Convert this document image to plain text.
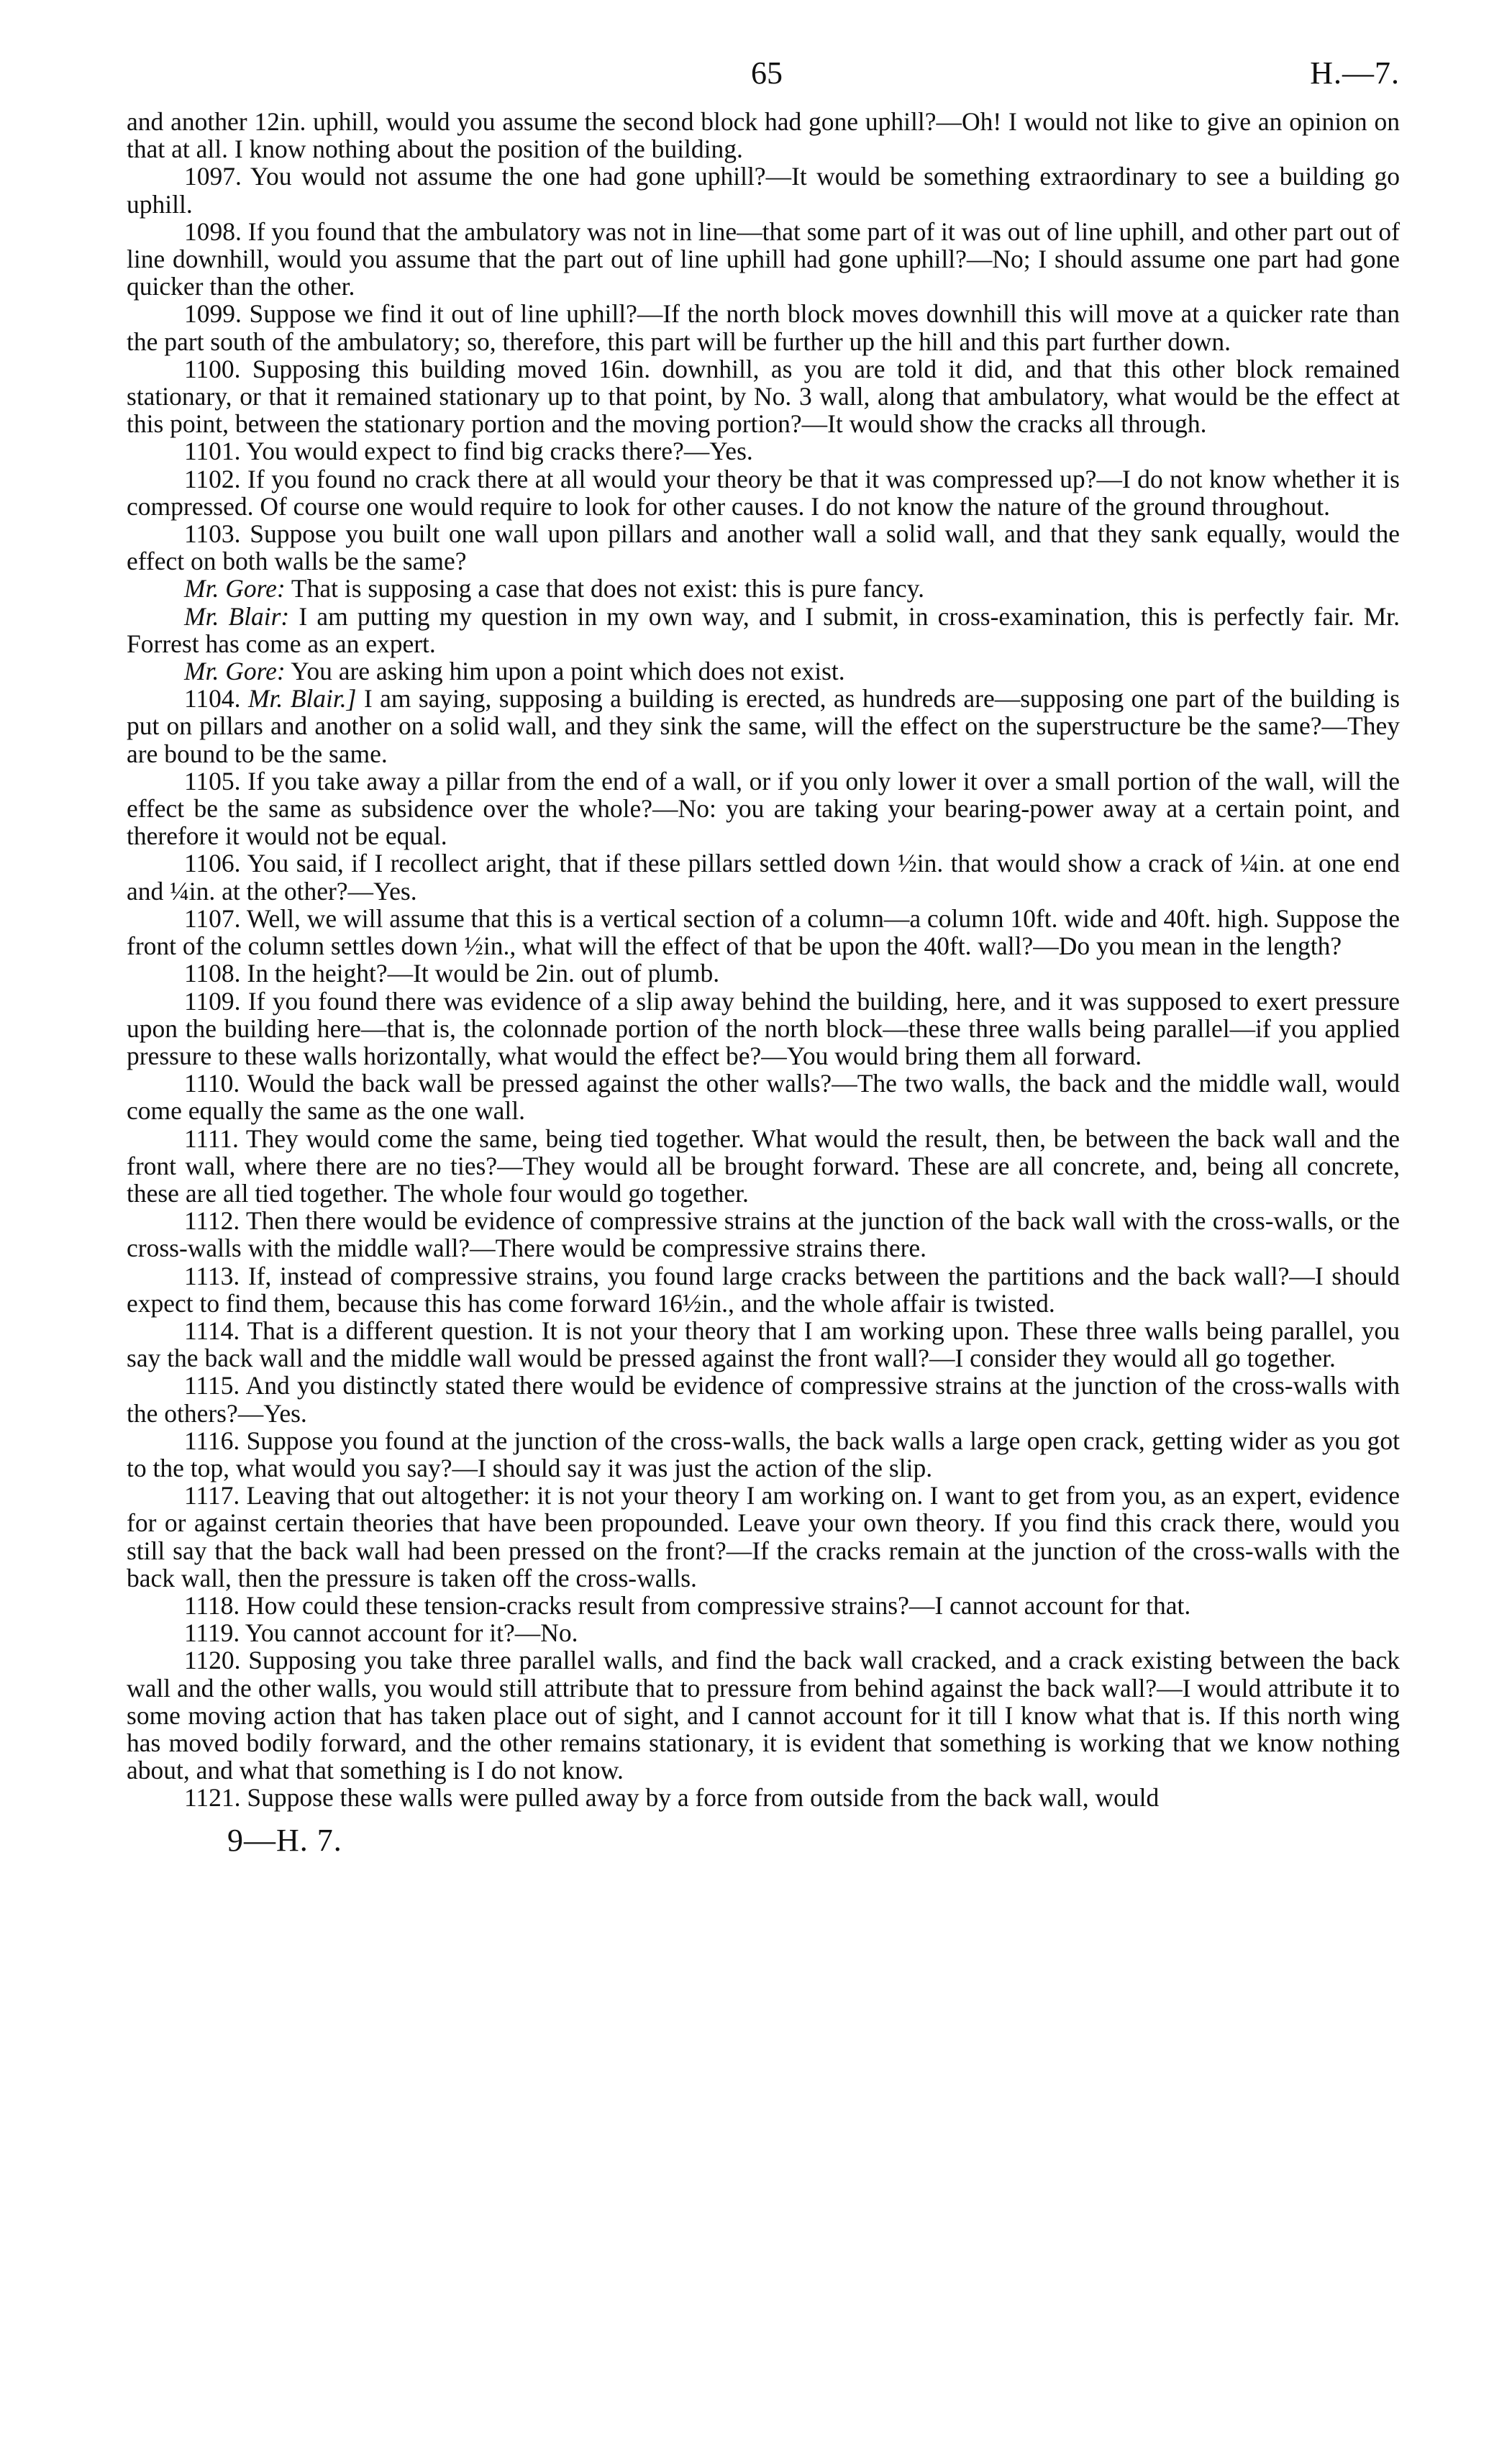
65	H.—7.

and another 12in. uphill, would you assume the second block had gone uphill?—Oh! I would not like to give an opinion on that at all. I know nothing about the position of the building.

1097. You would not assume the one had gone uphill?—It would be something extraordinary to see a building go uphill.

1098. If you found that the ambulatory was not in line—that some part of it was out of line uphill, and other part out of line downhill, would you assume that the part out of line uphill had gone uphill?—No; I should assume one part had gone quicker than the other.

1099. Suppose we find it out of line uphill?—If the north block moves downhill this will move at a quicker rate than the part south of the ambulatory; so, therefore, this part will be further up the hill and this part further down.

1100. Supposing this building moved 16in. downhill, as you are told it did, and that this other block remained stationary, or that it remained stationary up to that point, by No. 3 wall, along that ambulatory, what would be the effect at this point, between the stationary portion and the moving portion?—It would show the cracks all through.

1101. You would expect to find big cracks there?—Yes.

1102. If you found no crack there at all would your theory be that it was compressed up?—I do not know whether it is compressed. Of course one would require to look for other causes. I do not know the nature of the ground throughout.

1103. Suppose you built one wall upon pillars and another wall a solid wall, and that they sank equally, would the effect on both walls be the same?

Mr. Gore: That is supposing a case that does not exist: this is pure fancy.

Mr. Blair: I am putting my question in my own way, and I submit, in cross-examination, this is perfectly fair. Mr. Forrest has come as an expert.

Mr. Gore: You are asking him upon a point which does not exist.

1104. Mr. Blair.] I am saying, supposing a building is erected, as hundreds are—supposing one part of the building is put on pillars and another on a solid wall, and they sink the same, will the effect on the superstructure be the same?—They are bound to be the same.

1105. If you take away a pillar from the end of a wall, or if you only lower it over a small portion of the wall, will the effect be the same as subsidence over the whole?—No: you are taking your bearing-power away at a certain point, and therefore it would not be equal.

1106. You said, if I recollect aright, that if these pillars settled down ½in. that would show a crack of ¼in. at one end and ¼in. at the other?—Yes.

1107. Well, we will assume that this is a vertical section of a column—a column 10ft. wide and 40ft. high. Suppose the front of the column settles down ½in., what will the effect of that be upon the 40ft. wall?—Do you mean in the length?

1108. In the height?—It would be 2in. out of plumb.

1109. If you found there was evidence of a slip away behind the building, here, and it was supposed to exert pressure upon the building here—that is, the colonnade portion of the north block—these three walls being parallel—if you applied pressure to these walls horizontally, what would the effect be?—You would bring them all forward.

1110. Would the back wall be pressed against the other walls?—The two walls, the back and the middle wall, would come equally the same as the one wall.

1111. They would come the same, being tied together. What would the result, then, be between the back wall and the front wall, where there are no ties?—They would all be brought forward. These are all concrete, and, being all concrete, these are all tied together. The whole four would go together.

1112. Then there would be evidence of compressive strains at the junction of the back wall with the cross-walls, or the cross-walls with the middle wall?—There would be compressive strains there.

1113. If, instead of compressive strains, you found large cracks between the partitions and the back wall?—I should expect to find them, because this has come forward 16½in., and the whole affair is twisted.

1114. That is a different question. It is not your theory that I am working upon. These three walls being parallel, you say the back wall and the middle wall would be pressed against the front wall?—I consider they would all go together.

1115. And you distinctly stated there would be evidence of compressive strains at the junction of the cross-walls with the others?—Yes.

1116. Suppose you found at the junction of the cross-walls, the back walls a large open crack, getting wider as you got to the top, what would you say?—I should say it was just the action of the slip.

1117. Leaving that out altogether: it is not your theory I am working on. I want to get from you, as an expert, evidence for or against certain theories that have been propounded. Leave your own theory. If you find this crack there, would you still say that the back wall had been pressed on the front?—If the cracks remain at the junction of the cross-walls with the back wall, then the pressure is taken off the cross-walls.

1118. How could these tension-cracks result from compressive strains?—I cannot account for that.

1119. You cannot account for it?—No.

1120. Supposing you take three parallel walls, and find the back wall cracked, and a crack existing between the back wall and the other walls, you would still attribute that to pressure from behind against the back wall?—I would attribute it to some moving action that has taken place out of sight, and I cannot account for it till I know what that is. If this north wing has moved bodily forward, and the other remains stationary, it is evident that something is working that we know nothing about, and what that something is I do not know.

1121. Suppose these walls were pulled away by a force from outside from the back wall, would

9—H. 7.
